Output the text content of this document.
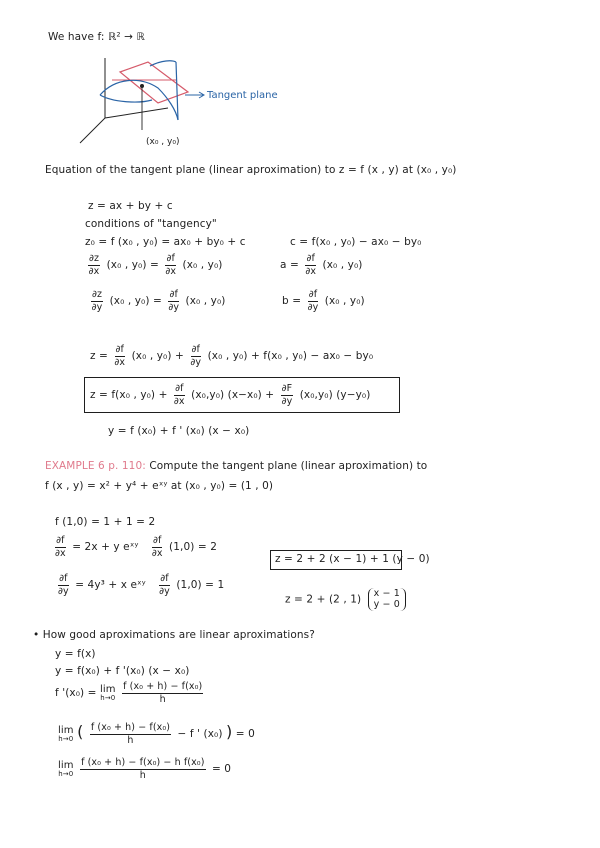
We have f: ℝ² → ℝ
Tangent plane
(x₀ , y₀)
Equation of the tangent plane (linear aproximation) to z = f (x , y) at (x₀ , y₀)
z = ax + by + c
conditions of "tangency"
z₀ = f (x₀ , y₀) = ax₀ + by₀ + c	c = f(x₀ , y₀) − ax₀ − by₀
$\frac{\partial z}{\partial x} (x_0$ , $y_0) = \frac{\partial f}{\partial x} (x_0$ , y₀)	$a = \frac{\partial f}{\partial x} (x_0$ , y₀)
$\frac{\partial z}{\partial y} (x_0$ , $y_0) = \frac{\partial f}{\partial y} (x_0$ , y₀)	$b = \frac{\partial f}{\partial y} (x_0$ , y₀)
$z = \frac{\partial f}{\partial x} (x_0$ , $y_0) + \frac{\partial f}{\partial y} (x_0$ , y₀) + f(x₀ , y₀) − ax₀ − by₀
z = f(x₀ , $y_0) + \frac{\partial f}{\partial x} (x_0,y_0) (x-x_0) + \frac{\partial F}{\partial y} (x_0,y_0)$ (y−y₀)
y = f (x₀) + f ' (x₀) (x − x₀)
EXAMPLE 6 p. 110: Compute the tangent plane (linear aproximation) to
f (x , y) = x² + y⁴ + eˣʸ at (x₀ , y₀) = (1 , 0)
f (1,0) = 1 + 1 = 2
$\frac{\partial f}{\partial x} = 2x + y$ eˣʸ $\frac{\partial f}{\partial x} (1,0) = 2$
z = 2 + 2 (x − 1) + 1 (y − 0)
$\frac{\partial f}{\partial y} = 4y^3 + x$ eˣʸ $\frac{\partial f}{\partial y} (1,0) = 1$
z = 2 + (2 , 1) x − 1
y − 0
• How good aproximations are linear aproximations?
y = f(x)
y = f(x₀) + f '(x₀) (x − x₀)
f '(x₀) = lim
h→0
$\frac{\text{f (x₀ + h) − f(x₀)}}{h}$
lim
h→0 ( $\frac{\text{f (x₀ + h) − f(x₀)}}{h} - f$ ' (x₀) ) = 0
lim
h→0
$\frac{\text{f (x₀ + h) − f(x₀) − h f(x₀)}}{h} = 0$
